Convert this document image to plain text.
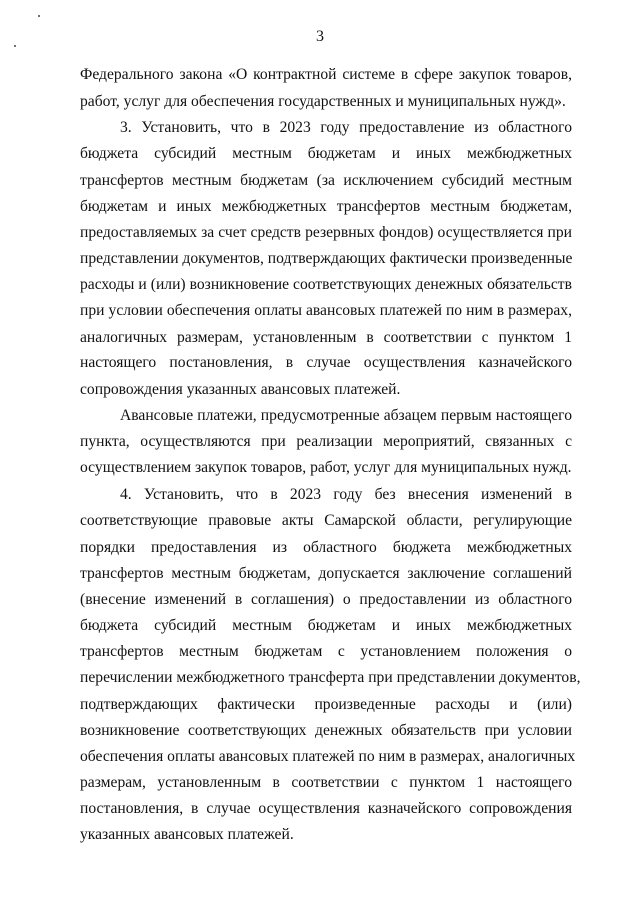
3
Федерального закона «О контрактной системе в сфере закупок товаров,
работ, услуг для обеспечения государственных и муниципальных нужд».
3. Установить, что в 2023 году предоставление из областного
бюджета субсидий местным бюджетам и иных межбюджетных
трансфертов местным бюджетам (за исключением субсидий местным
бюджетам и иных межбюджетных трансфертов местным бюджетам,
предоставляемых за счет средств резервных фондов) осуществляется при
представлении документов, подтверждающих фактически произведенные
расходы и (или) возникновение соответствующих денежных обязательств
при условии обеспечения оплаты авансовых платежей по ним в размерах,
аналогичных размерам, установленным в соответствии с пунктом 1
настоящего постановления, в случае осуществления казначейского
сопровождения указанных авансовых платежей.
Авансовые платежи, предусмотренные абзацем первым настоящего
пункта, осуществляются при реализации мероприятий, связанных с
осуществлением закупок товаров, работ, услуг для муниципальных нужд.
4. Установить, что в 2023 году без внесения изменений в
соответствующие правовые акты Самарской области, регулирующие
порядки предоставления из областного бюджета межбюджетных
трансфертов местным бюджетам, допускается заключение соглашений
(внесение изменений в соглашения) о предоставлении из областного
бюджета субсидий местным бюджетам и иных межбюджетных
трансфертов местным бюджетам с установлением положения о
перечислении межбюджетного трансферта при представлении документов,
подтверждающих фактически произведенные расходы и (или)
возникновение соответствующих денежных обязательств при условии
обеспечения оплаты авансовых платежей по ним в размерах, аналогичных
размерам, установленным в соответствии с пунктом 1 настоящего
постановления, в случае осуществления казначейского сопровождения
указанных авансовых платежей.
